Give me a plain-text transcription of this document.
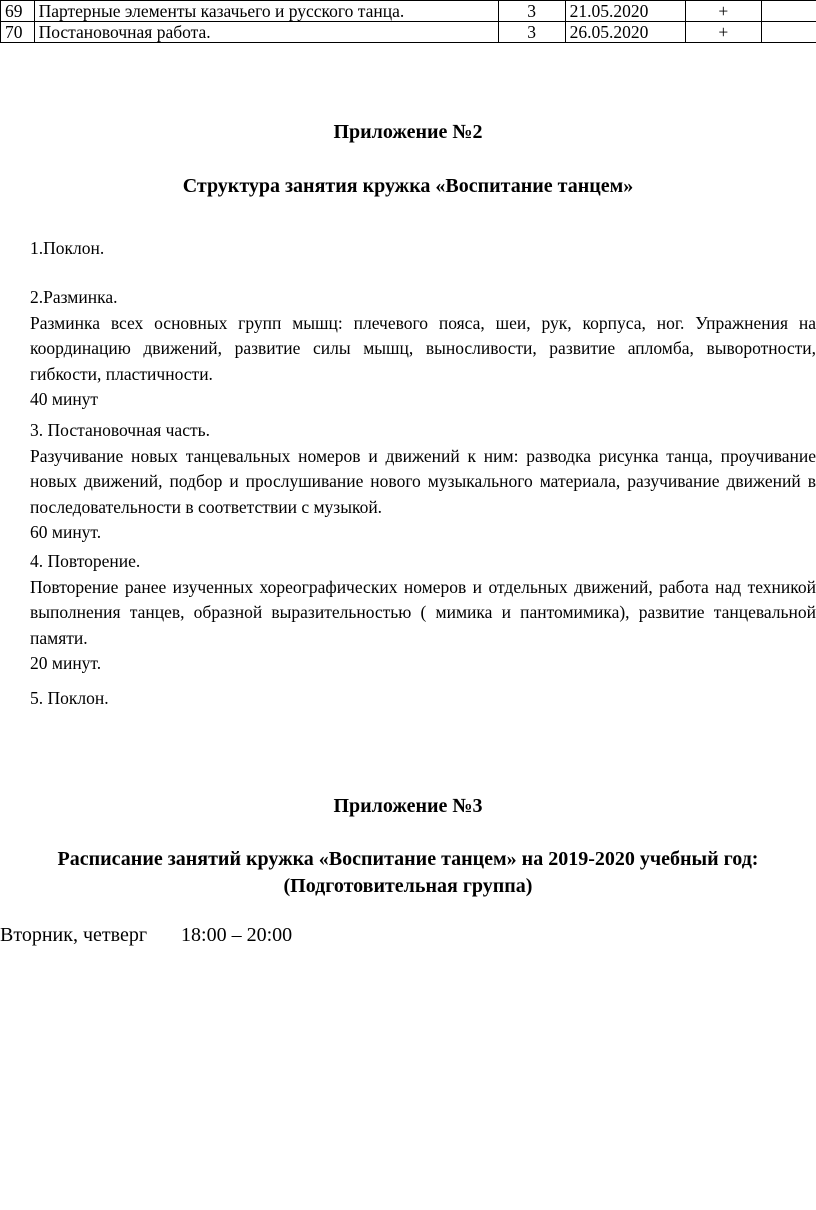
69	Партерные элементы казачьего и русского танца.	3	21.05.2020	+	
70	Постановочная работа.	3	26.05.2020	+	
Приложение №2
Структура занятия кружка «Воспитание танцем»

1.Поклон.

2.Разминка.

Разминка всех основных групп мышц: плечевого пояса, шеи, рук, корпуса, ног. Упражнения на координацию движений, развитие силы мышц, выносливости, развитие апломба, выворотности, гибкости, пластичности.

40 минут

3. Постановочная часть.

Разучивание новых танцевальных номеров и движений к ним: разводка рисунка танца, проучивание новых движений, подбор и прослушивание нового музыкального материала, разучивание движений в последовательности в соответствии с музыкой.

60 минут.

4. Повторение.

Повторение ранее изученных хореографических номеров и отдельных движений, работа над техникой выполнения танцев, образной выразительностью ( мимика и пантомимика), развитие танцевальной памяти.

20 минут.

5. Поклон.

Приложение №3
Расписание занятий кружка «Воспитание танцем» на 2019-2020 учебный год:
(Подготовительная группа)
Вторник, четверг 18:00 – 20:00
